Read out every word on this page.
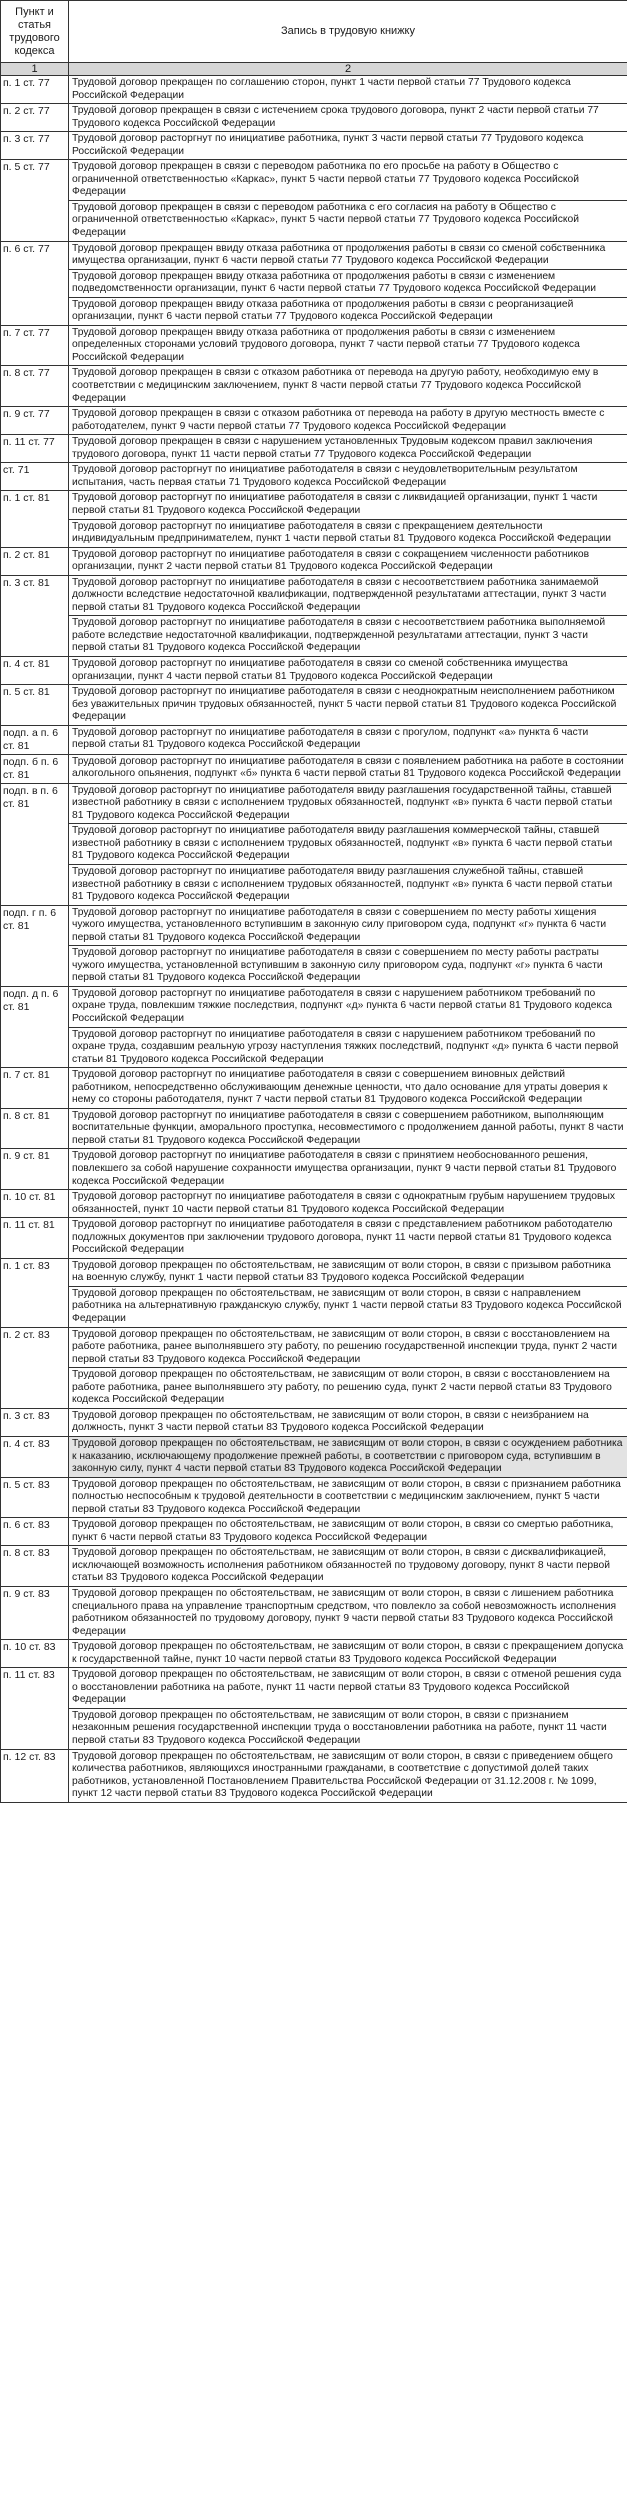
Пункт и статья трудового кодекса	Запись в трудовую книжку
1	2
п. 1 ст. 77	Трудовой договор прекращен по соглашению сторон, пункт 1 части первой статьи 77 Трудового кодекса Российской Федерации
п. 2 ст. 77	Трудовой договор прекращен в связи с истечением срока трудового договора, пункт 2 части первой статьи 77 Трудового кодекса Российской Федерации
п. 3 ст. 77	Трудовой договор расторгнут по инициативе работника, пункт 3 части первой статьи 77 Трудового кодекса Российской Федерации
п. 5 ст. 77	Трудовой договор прекращен в связи с переводом работника по его просьбе на работу в Общество с ограниченной ответственностью «Каркас», пункт 5 части первой статьи 77 Трудового кодекса Российской Федерации
	Трудовой договор прекращен в связи с переводом работника с его согласия на работу в Общество с ограниченной ответственностью «Каркас», пункт 5 части первой статьи 77 Трудового кодекса Российской Федерации
п. 6 ст. 77	Трудовой договор прекращен ввиду отказа работника от продолжения работы в связи со сменой собственника имущества организации, пункт 6 части первой статьи 77 Трудового кодекса Российской Федерации
	Трудовой договор прекращен ввиду отказа работника от продолжения работы в связи с изменением подведомственности организации, пункт 6 части первой статьи 77 Трудового кодекса Российской Федерации
	Трудовой договор прекращен ввиду отказа работника от продолжения работы в связи с реорганизацией организации, пункт 6 части первой статьи 77 Трудового кодекса Российской Федерации
п. 7 ст. 77	Трудовой договор прекращен ввиду отказа работника от продолжения работы в связи с изменением определенных сторонами условий трудового договора, пункт 7 части первой статьи 77 Трудового кодекса Российской Федерации
п. 8 ст. 77	Трудовой договор прекращен в связи с отказом работника от перевода на другую работу, необходимую ему в соответствии с медицинским заключением, пункт 8 части первой статьи 77 Трудового кодекса Российской Федерации
п. 9 ст. 77	Трудовой договор прекращен в связи с отказом работника от перевода на работу в другую местность вместе с работодателем, пункт 9 части первой статьи 77 Трудового кодекса Российской Федерации
п. 11 ст. 77	Трудовой договор прекращен в связи с нарушением установленных Трудовым кодексом правил заключения трудового договора, пункт 11 части первой статьи 77 Трудового кодекса Российской Федерации
ст. 71	Трудовой договор расторгнут по инициативе работодателя в связи с неудовлетворительным результатом испытания, часть первая статьи 71 Трудового кодекса Российской Федерации
п. 1 ст. 81	Трудовой договор расторгнут по инициативе работодателя в связи с ликвидацией организации, пункт 1 части первой статьи 81 Трудового кодекса Российской Федерации
	Трудовой договор расторгнут по инициативе работодателя в связи с прекращением деятельности индивидуальным предпринимателем, пункт 1 части первой статьи 81 Трудового кодекса Российской Федерации
п. 2 ст. 81	Трудовой договор расторгнут по инициативе работодателя в связи с сокращением численности работников организации, пункт 2 части первой статьи 81 Трудового кодекса Российской Федерации
п. 3 ст. 81	Трудовой договор расторгнут по инициативе работодателя в связи с несоответствием работника занимаемой должности вследствие недостаточной квалификации, подтвержденной результатами аттестации, пункт 3 части первой статьи 81 Трудового кодекса Российской Федерации
	Трудовой договор расторгнут по инициативе работодателя в связи с несоответствием работника выполняемой работе вследствие недостаточной квалификации, подтвержденной результатами аттестации, пункт 3 части первой статьи 81 Трудового кодекса Российской Федерации
п. 4 ст. 81	Трудовой договор расторгнут по инициативе работодателя в связи со сменой собственника имущества организации, пункт 4 части первой статьи 81 Трудового кодекса Российской Федерации
п. 5 ст. 81	Трудовой договор расторгнут по инициативе работодателя в связи с неоднократным неисполнением работником без уважительных причин трудовых обязанностей, пункт 5 части первой статьи 81 Трудового кодекса Российской Федерации
подп. а п. 6 ст. 81	Трудовой договор расторгнут по инициативе работодателя в связи с прогулом, подпункт «а» пункта 6 части первой статьи 81 Трудового кодекса Российской Федерации
подп. б п. 6 ст. 81	Трудовой договор расторгнут по инициативе работодателя в связи с появлением работника на работе в состоянии алкогольного опьянения, подпункт «б» пункта 6 части первой статьи 81 Трудового кодекса Российской Федерации
подп. в п. 6 ст. 81	Трудовой договор расторгнут по инициативе работодателя ввиду разглашения государственной тайны, ставшей известной работнику в связи с исполнением трудовых обязанностей, подпункт «в» пункта 6 части первой статьи 81 Трудового кодекса Российской Федерации
	Трудовой договор расторгнут по инициативе работодателя ввиду разглашения коммерческой тайны, ставшей известной работнику в связи с исполнением трудовых обязанностей, подпункт «в» пункта 6 части первой статьи 81 Трудового кодекса Российской Федерации
	Трудовой договор расторгнут по инициативе работодателя ввиду разглашения служебной тайны, ставшей известной работнику в связи с исполнением трудовых обязанностей, подпункт «в» пункта 6 части первой статьи 81 Трудового кодекса Российской Федерации
подп. г п. 6 ст. 81	Трудовой договор расторгнут по инициативе работодателя в связи с совершением по месту работы хищения чужого имущества, установленного вступившим в законную силу приговором суда, подпункт «г» пункта 6 части первой статьи 81 Трудового кодекса Российской Федерации
	Трудовой договор расторгнут по инициативе работодателя в связи с совершением по месту работы растраты чужого имущества, установленной вступившим в законную силу приговором суда, подпункт «г» пункта 6 части первой статьи 81 Трудового кодекса Российской Федерации
подп. д п. 6 ст. 81	Трудовой договор расторгнут по инициативе работодателя в связи с нарушением работником требований по охране труда, повлекшим тяжкие последствия, подпункт «д» пункта 6 части первой статьи 81 Трудового кодекса Российской Федерации
	Трудовой договор расторгнут по инициативе работодателя в связи с нарушением работником требований по охране труда, создавшим реальную угрозу наступления тяжких последствий, подпункт «д» пункта 6 части первой статьи 81 Трудового кодекса Российской Федерации
п. 7 ст. 81	Трудовой договор расторгнут по инициативе работодателя в связи с совершением виновных действий работником, непосредственно обслуживающим денежные ценности, что дало основание для утраты доверия к нему со стороны работодателя, пункт 7 части первой статьи 81 Трудового кодекса Российской Федерации
п. 8 ст. 81	Трудовой договор расторгнут по инициативе работодателя в связи с совершением работником, выполняющим воспитательные функции, аморального проступка, несовместимого с продолжением данной работы, пункт 8 части первой статьи 81 Трудового кодекса Российской Федерации
п. 9 ст. 81	Трудовой договор расторгнут по инициативе работодателя в связи с принятием необоснованного решения, повлекшего за собой нарушение сохранности имущества организации, пункт 9 части первой статьи 81 Трудового кодекса Российской Федерации
п. 10 ст. 81	Трудовой договор расторгнут по инициативе работодателя в связи с однократным грубым нарушением трудовых обязанностей, пункт 10 части первой статьи 81 Трудового кодекса Российской Федерации
п. 11 ст. 81	Трудовой договор расторгнут по инициативе работодателя в связи с представлением работником работодателю подложных документов при заключении трудового договора, пункт 11 части первой статьи 81 Трудового кодекса Российской Федерации
п. 1 ст. 83	Трудовой договор прекращен по обстоятельствам, не зависящим от воли сторон, в связи с призывом работника на военную службу, пункт 1 части первой статьи 83 Трудового кодекса Российской Федерации
	Трудовой договор прекращен по обстоятельствам, не зависящим от воли сторон, в связи с направлением работника на альтернативную гражданскую службу, пункт 1 части первой статьи 83 Трудового кодекса Российской Федерации
п. 2 ст. 83	Трудовой договор прекращен по обстоятельствам, не зависящим от воли сторон, в связи с восстановлением на работе работника, ранее выполнявшего эту работу, по решению государственной инспекции труда, пункт 2 части первой статьи 83 Трудового кодекса Российской Федерации
	Трудовой договор прекращен по обстоятельствам, не зависящим от воли сторон, в связи с восстановлением на работе работника, ранее выполнявшего эту работу, по решению суда, пункт 2 части первой статьи 83 Трудового кодекса Российской Федерации
п. 3 ст. 83	Трудовой договор прекращен по обстоятельствам, не зависящим от воли сторон, в связи с неизбранием на должность, пункт 3 части первой статьи 83 Трудового кодекса Российской Федерации
п. 4 ст. 83	Трудовой договор прекращен по обстоятельствам, не зависящим от воли сторон, в связи с осуждением работника к наказанию, исключающему продолжение прежней работы, в соответствии с приговором суда, вступившим в законную силу, пункт 4 части первой статьи 83 Трудового кодекса Российской Федерации
п. 5 ст. 83	Трудовой договор прекращен по обстоятельствам, не зависящим от воли сторон, в связи с признанием работника полностью неспособным к трудовой деятельности в соответствии с медицинским заключением, пункт 5 части первой статьи 83 Трудового кодекса Российской Федерации
п. 6 ст. 83	Трудовой договор прекращен по обстоятельствам, не зависящим от воли сторон, в связи со смертью работника, пункт 6 части первой статьи 83 Трудового кодекса Российской Федерации
п. 8 ст. 83	Трудовой договор прекращен по обстоятельствам, не зависящим от воли сторон, в связи с дисквалификацией, исключающей возможность исполнения работником обязанностей по трудовому договору, пункт 8 части первой статьи 83 Трудового кодекса Российской Федерации
п. 9 ст. 83	Трудовой договор прекращен по обстоятельствам, не зависящим от воли сторон, в связи с лишением работника специального права на управление транспортным средством, что повлекло за собой невозможность исполнения работником обязанностей по трудовому договору, пункт 9 части первой статьи 83 Трудового кодекса Российской Федерации
п. 10 ст. 83	Трудовой договор прекращен по обстоятельствам, не зависящим от воли сторон, в связи с прекращением допуска к государственной тайне, пункт 10 части первой статьи 83 Трудового кодекса Российской Федерации
п. 11 ст. 83	Трудовой договор прекращен по обстоятельствам, не зависящим от воли сторон, в связи с отменой решения суда о восстановлении работника на работе, пункт 11 части первой статьи 83 Трудового кодекса Российской Федерации
	Трудовой договор прекращен по обстоятельствам, не зависящим от воли сторон, в связи с признанием незаконным решения государственной инспекции труда о восстановлении работника на работе, пункт 11 части первой статьи 83 Трудового кодекса Российской Федерации
п. 12 ст. 83	Трудовой договор прекращен по обстоятельствам, не зависящим от воли сторон, в связи с приведением общего количества работников, являющихся иностранными гражданами, в соответствие с допустимой долей таких работников, установленной Постановлением Правительства Российской Федерации от 31.12.2008 г. № 1099, пункт 12 части первой статьи 83 Трудового кодекса Российской Федерации
